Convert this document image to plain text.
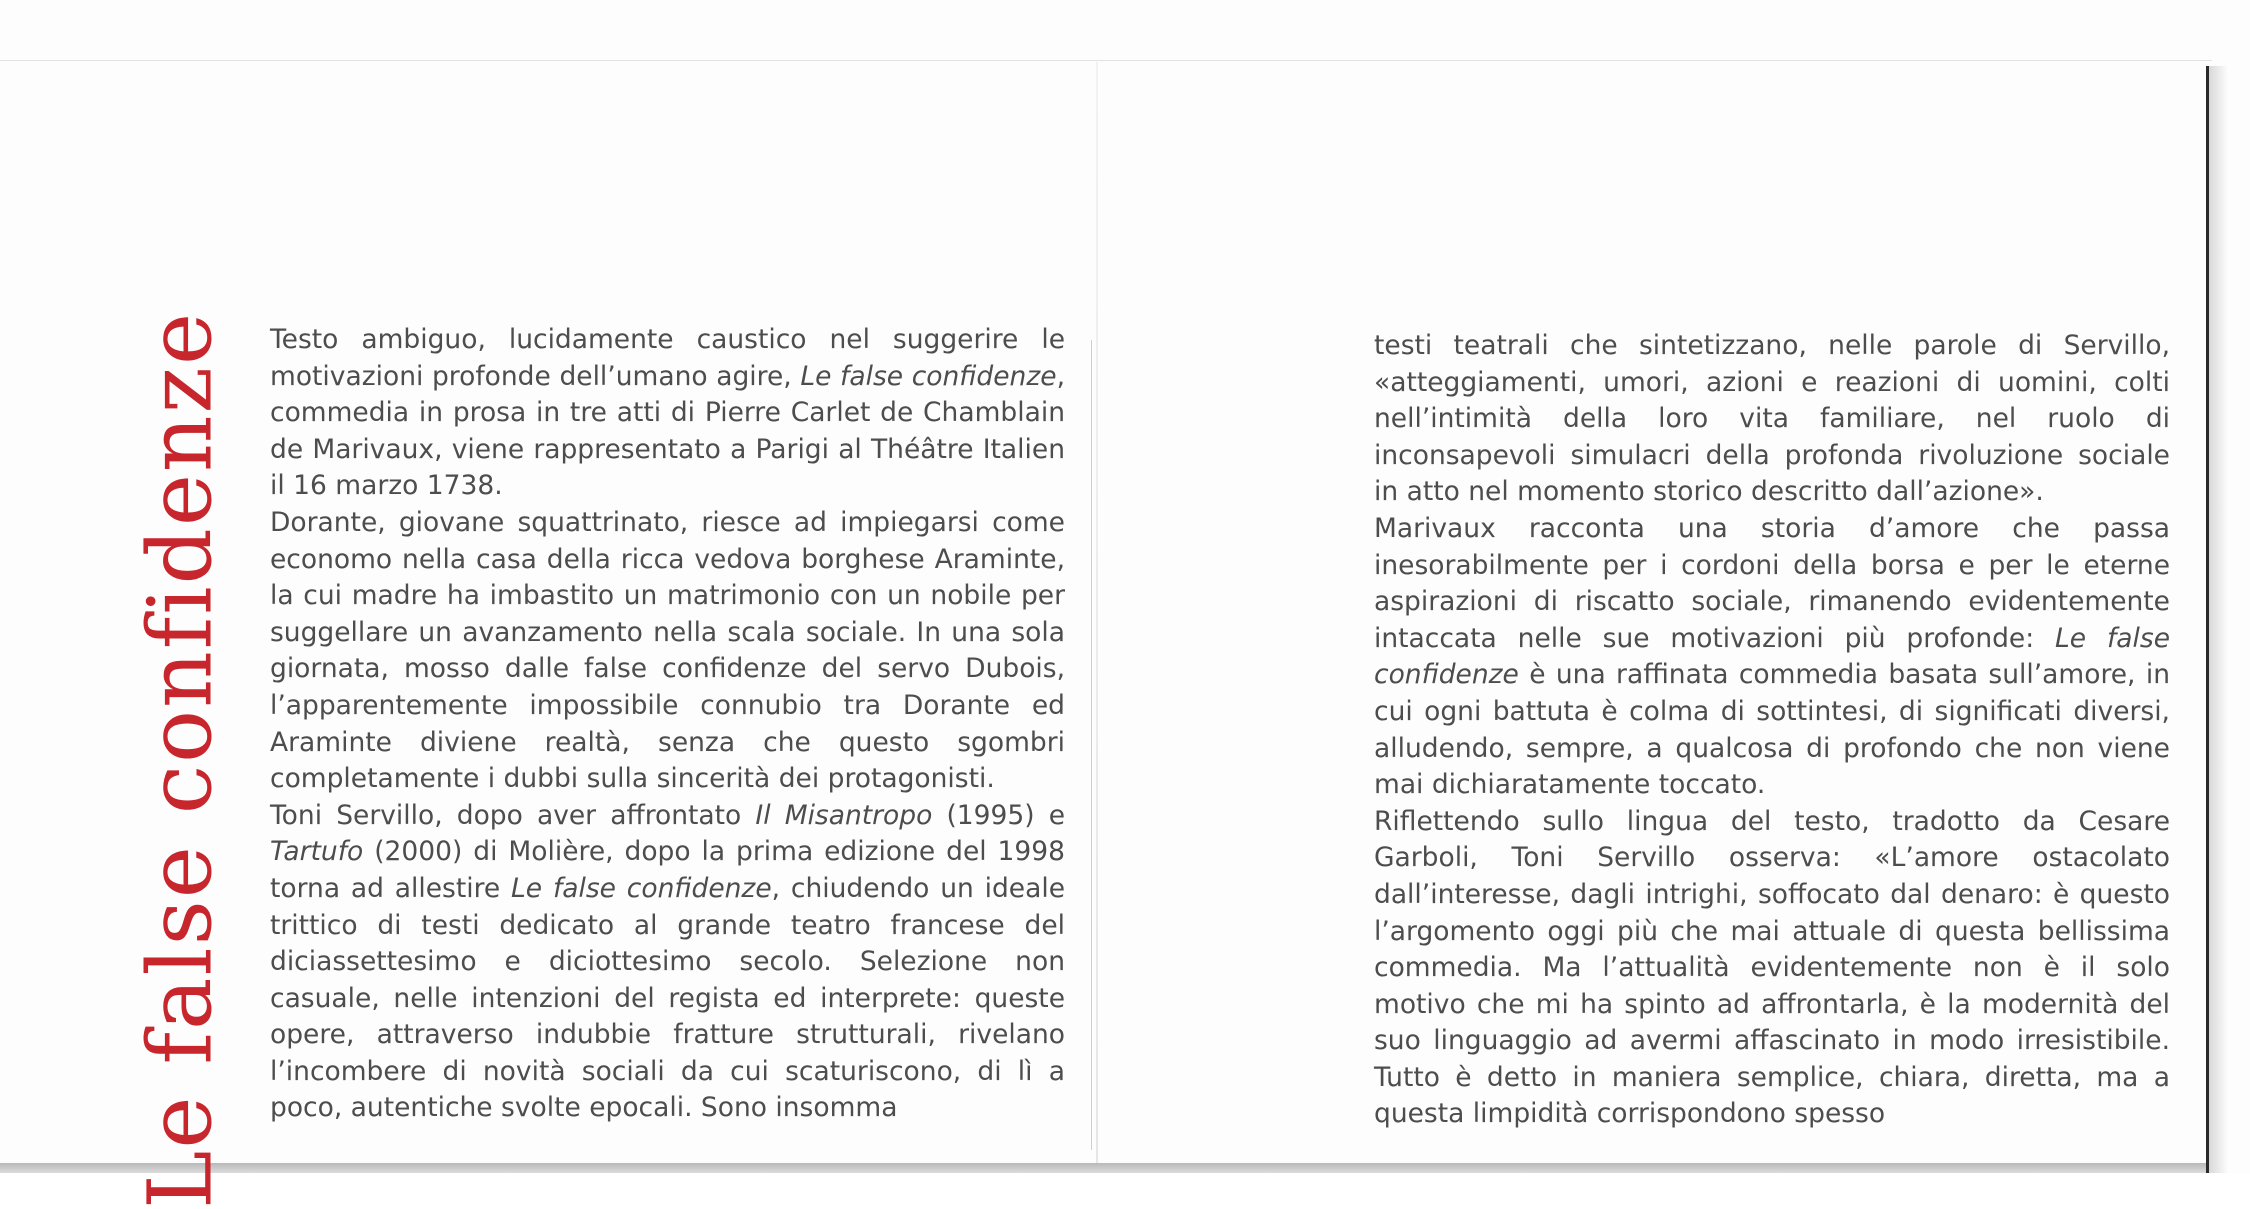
Le false confidenze Testo ambiguo, lucidamente caustico nel suggerire le motivazioni profonde dell’umano agire, Le false confidenze, commedia in prosa in tre atti di Pierre Carlet de Chamblain de Marivaux, viene rappresentato a Parigi al Théâtre Italien il 16 marzo 1738.

Dorante, giovane squattrinato, riesce ad impiegarsi come economo nella casa della ricca vedova borghese Araminte, la cui madre ha imbastito un matrimonio con un nobile per suggellare un avanzamento nella scala sociale. In una sola giornata, mosso dalle false confidenze del servo Dubois, l’apparentemente impossibile connubio tra Dorante ed Araminte diviene realtà, senza che questo sgombri completamente i dubbi sulla sincerità dei protagonisti.

Toni Servillo, dopo aver affrontato Il Misantropo (1995) e Tartufo (2000) di Molière, dopo la prima edizione del 1998 torna ad allestire Le false confidenze, chiudendo un ideale trittico di testi dedicato al grande teatro francese del diciassettesimo e diciottesimo secolo. Selezione non casuale, nelle intenzioni del regista ed interprete: queste opere, attraverso indubbie fratture strutturali, rivelano l’incombere di novità sociali da cui scaturiscono, di lì a poco, autentiche svolte epocali. Sono insomma

testi teatrali che sintetizzano, nelle parole di Servillo, «atteggiamenti, umori, azioni e reazioni di uomini, colti nell’intimità della loro vita familiare, nel ruolo di inconsapevoli simulacri della profonda rivoluzione sociale in atto nel momento storico descritto dall’azione».

Marivaux racconta una storia d’amore che passa inesorabilmente per i cordoni della borsa e per le eterne aspirazioni di riscatto sociale, rimanendo evidentemente intaccata nelle sue motivazioni più profonde: Le false confidenze è una raffinata commedia basata sull’amore, in cui ogni battuta è colma di sottintesi, di significati diversi, alludendo, sempre, a qualcosa di profondo che non viene mai dichiaratamente toccato.

Riflettendo sullo lingua del testo, tradotto da Cesare Garboli, Toni Servillo osserva: «L’amore ostacolato dall’interesse, dagli intrighi, soffocato dal denaro: è questo l’argomento oggi più che mai attuale di questa bellissima commedia. Ma l’attualità evidentemente non è il solo motivo che mi ha spinto ad affrontarla, è la modernità del suo linguaggio ad avermi affascinato in modo irresistibile. Tutto è detto in maniera semplice, chiara, diretta, ma a questa limpidità corrispondono spesso
